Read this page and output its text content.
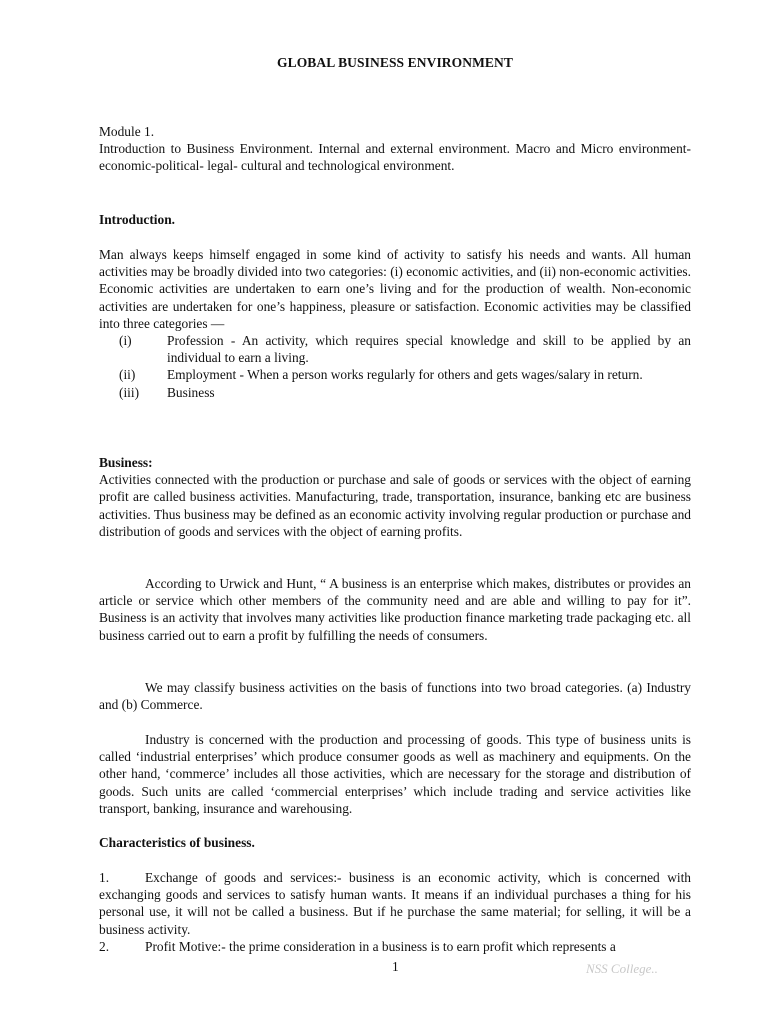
GLOBAL BUSINESS ENVIRONMENT

Module 1.

Introduction to Business Environment. Internal and external environment. Macro and Micro environment- economic-political- legal- cultural and technological environment.

Introduction.

Man always keeps himself engaged in some kind of activity to satisfy his needs and wants. All human activities may be broadly divided into two categories: (i) economic activities, and (ii) non-economic activities. Economic activities are undertaken to earn one’s living and for the production of wealth. Non-economic activities are undertaken for one’s happiness, pleasure or satisfaction. Economic activities may be classified into three categories —

(i)	Profession - An activity, which requires special knowledge and skill to be applied by an individual to earn a living.
(ii) Employment - When a person works regularly for others and gets wages/salary in return.
(iii) Business

Business:

Activities connected with the production or purchase and sale of goods or services with the object of earning profit are called business activities. Manufacturing, trade, transportation, insurance, banking etc are business activities. Thus business may be defined as an economic activity involving regular production or purchase and distribution of goods and services with the object of earning profits.

According to Urwick and Hunt, “ A business is an enterprise which makes, distributes or provides an article or service which other members of the community need and are able and willing to pay for it”. Business is an activity that involves many activities like production finance marketing trade packaging etc. all business carried out to earn a profit by fulfilling the needs of consumers.

We may classify business activities on the basis of functions into two broad categories. (a) Industry and (b) Commerce.

Industry is concerned with the production and processing of goods. This type of business units is called ‘industrial enterprises’ which produce consumer goods as well as machinery and equipments. On the other hand, ‘commerce’ includes all those activities, which are necessary for the storage and distribution of goods. Such units are called ‘commercial enterprises’ which include trading and service activities like transport, banking, insurance and warehousing.

Characteristics of business.

1.	Exchange of goods and services:- business is an economic activity, which is concerned with exchanging goods and services to satisfy human wants. It means if an individual purchases a thing for his personal use, it will not be called a business. But if he purchase the same material; for selling, it will be a business activity.
2.	Profit Motive:- the prime consideration in a business is to earn profit which represents a
1	NSS College..
